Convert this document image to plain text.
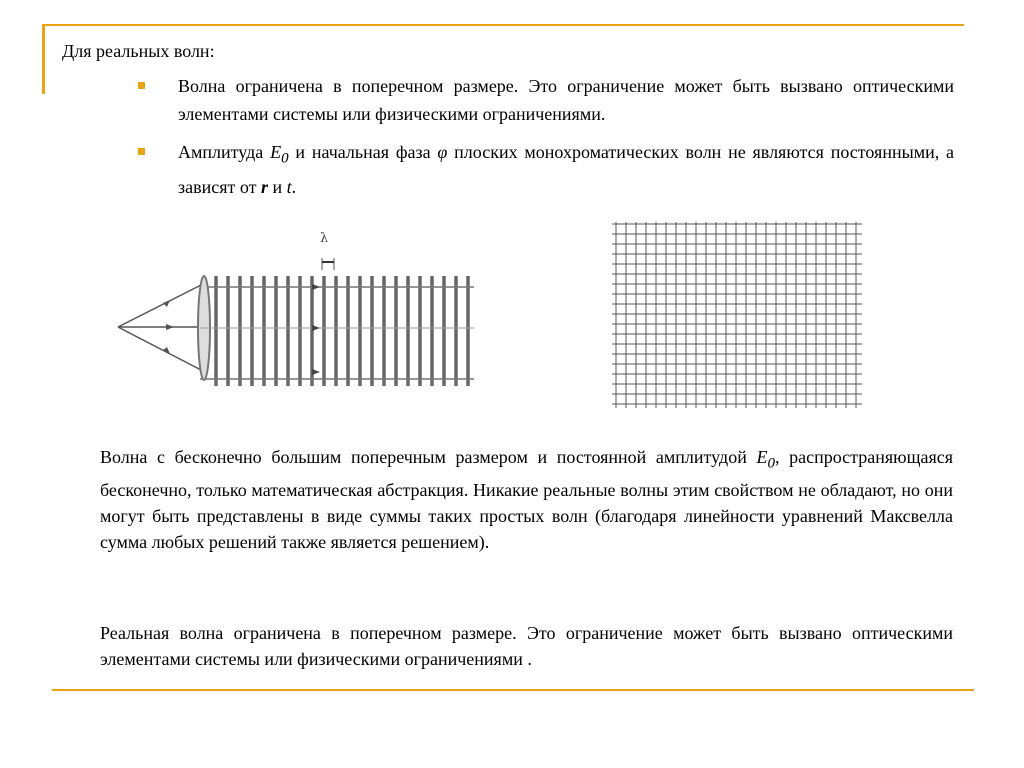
Для реальных волн:
Волна ограничена в поперечном размере. Это ограничение может быть вызвано оптическими элементами системы или физическими ограничениями.
Амплитуда $E_0$ и начальная фаза φ плоских монохроматических волн не являются постоянными, а зависят от r и t.
λ

Волна с бесконечно большим поперечным размером и постоянной амплитудой $E_0$, распространяющаяся бесконечно, только математическая абстракция. Никакие реальные волны этим свойством не обладают, но они могут быть представлены в виде суммы таких простых волн (благодаря линейности уравнений Максвелла сумма любых решений также является решением).

Реальная волна ограничена в поперечном размере. Это ограничение может быть вызвано оптическими элементами системы или физическими ограничениями .
